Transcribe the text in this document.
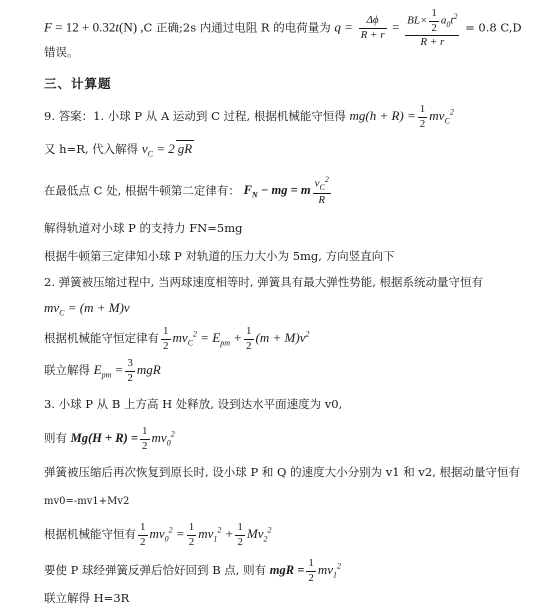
F = 12 + 0.32t(N) ,C 正确;2s 内通过电阻 R 的电荷量为 $q = \frac{\Delta\phi}{R + r} = \frac{BL\times \frac{1}{2} a_0t^2}{R + r} = 0.8$ C,D
错误。
三、计算题
9. 答案：1. 小球 P 从 A 运动到 C 过程, 根据机械能守恒得 $mg(h + R) = \frac{1}{2} mv_C^2$
又 h=R, 代入解得 $v_C = 2$ gR
在最低点 C 处, 根据牛顿第二定律有： $F_N$ − mg = m $\frac{v_C^2}{R}$
解得轨道对小球 P 的支持力 FN=5mg
根据牛顿第三定律知小球 P 对轨道的压力大小为 5mg, 方向竖直向下
2. 弹簧被压缩过程中, 当两球速度相等时, 弹簧具有最大弹性势能, 根据系统动量守恒有
$mv_C = (m + M)v$
根据机械能守恒定律有 $\frac{1}{2} mv_C^2 = E_{pm} + \frac{1}{2} (m + M)v^2$
联立解得 $E_{pm} = \frac{3}{2}$ mgR
3. 小球 P 从 B 上方高 H 处释放, 设到达水平面速度为 v0,
则有 $Mg(H + R) = \frac{1}{2} mv_0^2$
弹簧被压缩后再次恢复到原长时, 设小球 P 和 Q 的速度大小分别为 v1 和 v2, 根据动量守恒有
mv0=-mv1+Mv2
根据机械能守恒有 $\frac{1}{2} mv_0^2 = \frac{1}{2} mv_1^2 + \frac{1}{2} Mv_2^2$
要使 P 球经弹簧反弹后恰好回到 B 点, 则有 mgR = $\frac{1}{2} mv_1^2$
联立解得 H=3R
